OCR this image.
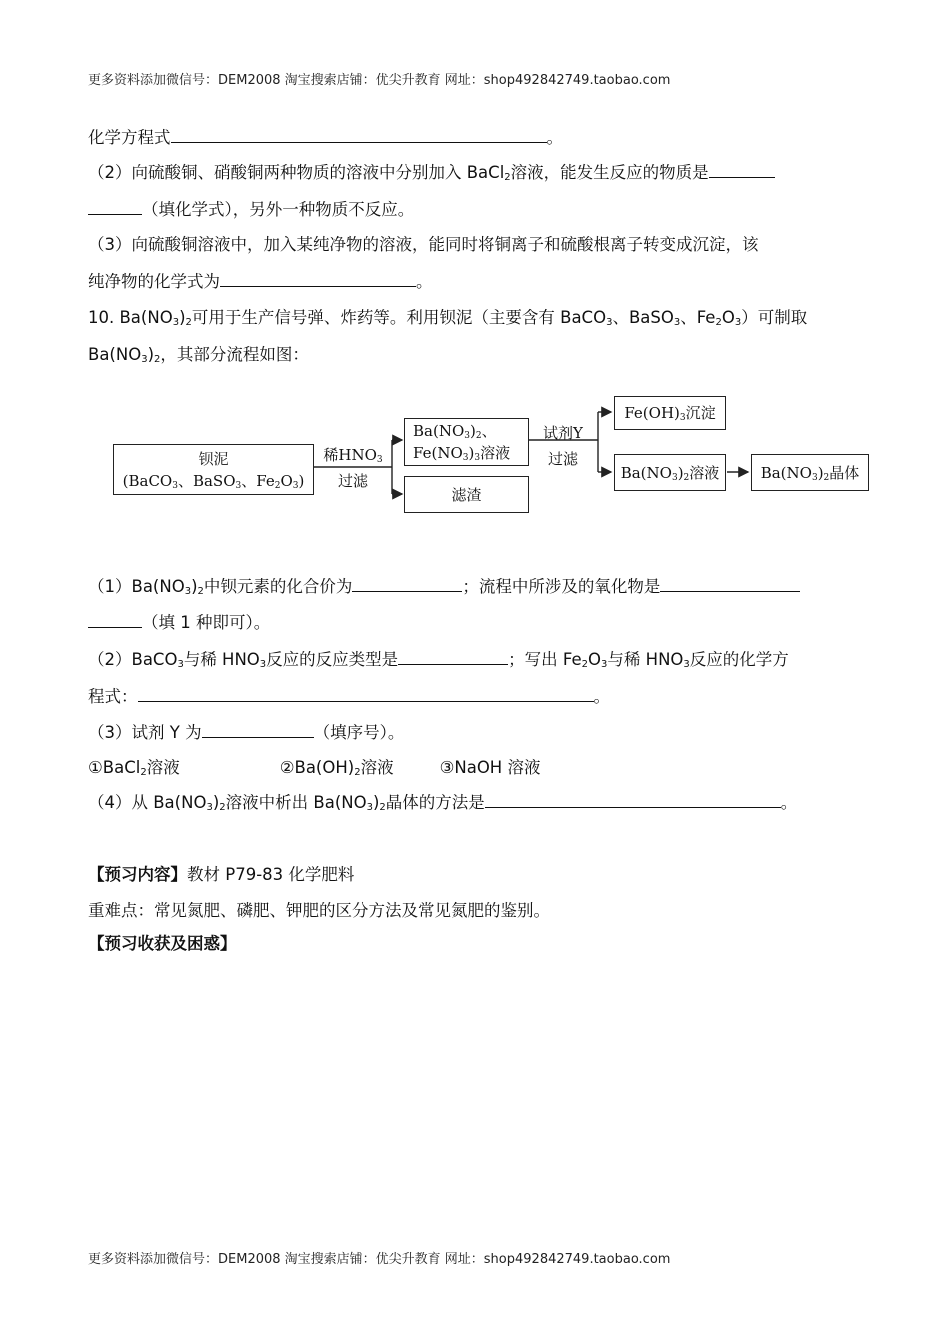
更多资料添加微信号：DEM2008 淘宝搜索店铺：优尖升教育 网址：shop492842749.taobao.com
化学方程式	。
（2）向硫酸铜、硝酸铜两种物质的溶液中分别加入 BaCl$_2$溶液，能发生反应的物质是
（填化学式），另外一种物质不反应。
（3）向硫酸铜溶液中，加入某纯净物的溶液，能同时将铜离子和硫酸根离子转变成沉淀，该
纯净物的化学式为	。
10. $Ba(NO_3)_2$可用于生产信号弹、炸药等。利用钡泥（主要含有 BaCO$_3$、BaSO$_3$、$Fe_2O_3$）可制取
$Ba(NO_3)_2$，其部分流程如图：
钡泥
(BaCO3、BaSO3、Fe2O3)
稀HNO3
过滤
Ba(NO3)2、
Fe(NO3)3溶液
滤渣
试剂Y
过滤
Fe(OH)3沉淀
Ba(NO3)2溶液	Ba(NO3)2晶体
$(1)Ba(NO_3)_2$中钡元素的化合价为	；流程中所涉及的氧化物是
（填 1 种即可）。
（2）BaCO$_3$与稀 $HNO_3$反应的反应类型是	；写出 $Fe_2O_3$与稀 $HNO_3$反应的化学方
程式：	。
（3）试剂 Y 为	（填序号）。
①BaCl$_2$溶液	$②Ba(OH)_2$溶液	③NaOH 溶液
（4）从 $Ba(NO_3)_2$溶液中析出 $Ba(NO_3)_2$晶体的方法是	。
【预习内容】教材 P79-83 化学肥料
重难点：常见氮肥、磷肥、钾肥的区分方法及常见氮肥的鉴别。
【预习收获及困惑】
更多资料添加微信号：DEM2008 淘宝搜索店铺：优尖升教育 网址：shop492842749.taobao.com
